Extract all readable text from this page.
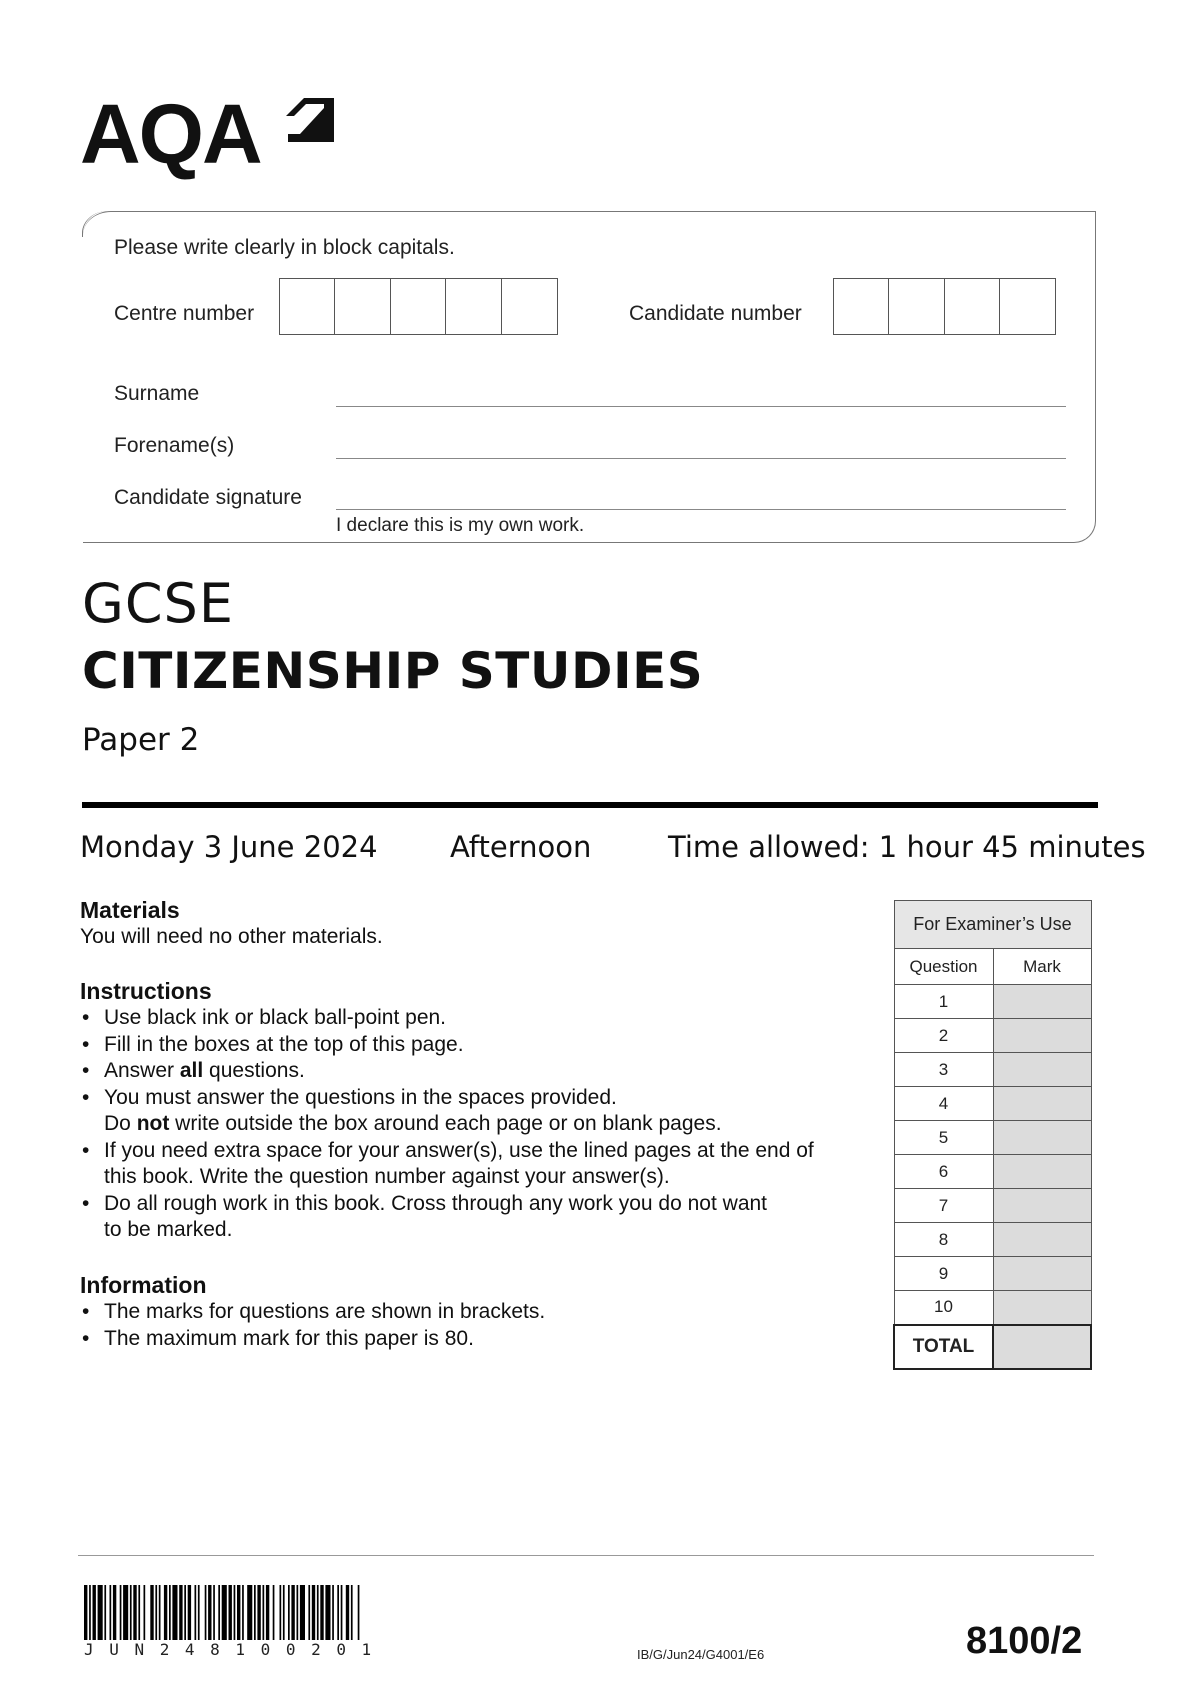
AQA
Please write clearly in block capitals.
Centre number	Candidate number
Surname
Forename(s)
Candidate signature
I declare this is my own work.
GCSE
CITIZENSHIP STUDIES
Paper 2
Monday 3 June 2024 Afternoon	Time allowed: 1 hour 45 minutes
Materials
You will need no other materials.
Instructions
• Use black ink or black ball-point pen.
• Fill in the boxes at the top of this page.
• Answer all questions.
• You must answer the questions in the spaces provided.
Do not write outside the box around each page or on blank pages.
• If you need extra space for your answer(s), use the lined pages at the end of
this book. Write the question number against your answer(s).
• Do all rough work in this book. Cross through any work you do not want
to be marked.
Information
• The marks for questions are shown in brackets.
• The maximum mark for this paper is 80.
For Examiner’s Use	
Question	Mark
1	
2	
3	
4	
5	
6	
7	
8	
9	
10	
TOTAL	
JUN248100201	IB/G/Jun24/G4001/E6	8100/2
